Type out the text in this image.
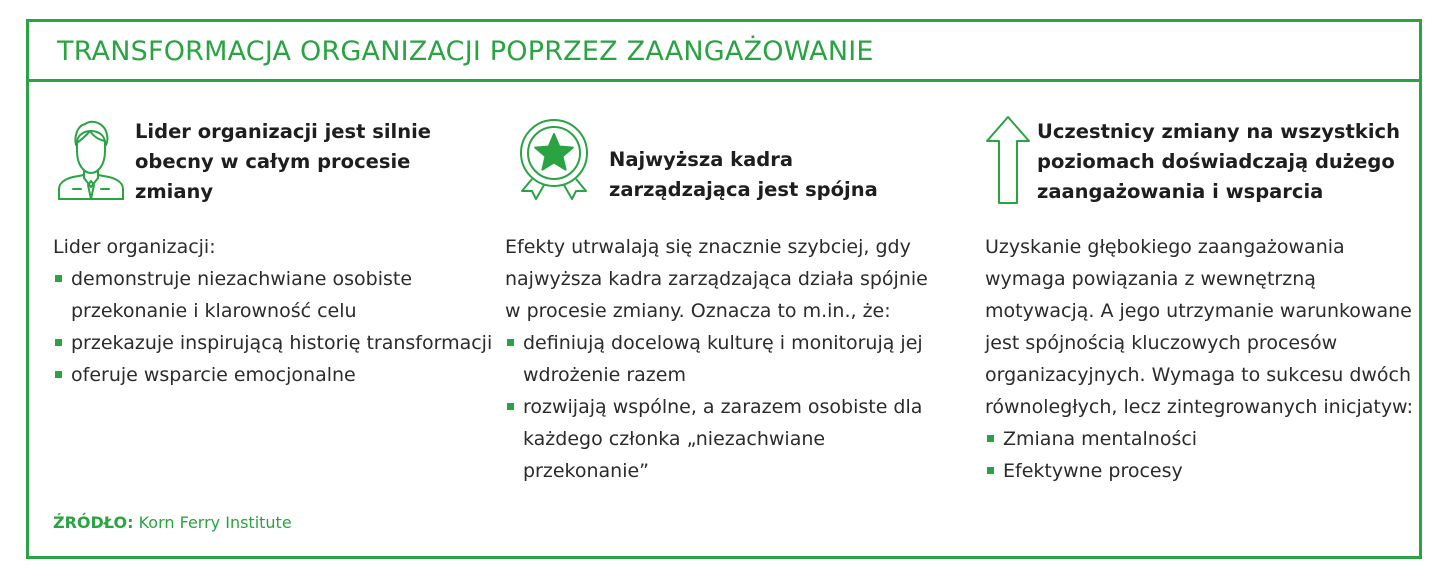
TRANSFORMACJA ORGANIZACJI POPRZEZ ZAANGAŻOWANIE
Lider organizacji jest silnie obecny w całym procesie zmiany

Lider organizacji:

demonstruje niezachwiane osobiste przekonanie i klarowność celu
przekazuje inspirującą historię transformacji
oferuje wsparcie emocjonalne
Najwyższa kadra zarządzająca jest spójna

Efekty utrwalają się znacznie szybciej, gdy najwyższa kadra zarządzająca działa spójnie w procesie zmiany. Oznacza to m.in., że:

definiują docelową kulturę i monitorują jej wdrożenie razem
rozwijają wspólne, a zarazem osobiste dla każdego członka „niezachwiane przekonanie”
Uczestnicy zmiany na wszystkich poziomach doświadczają dużego zaangażowania i wsparcia

Uzyskanie głębokiego zaangażowania wymaga powiązania z wewnętrzną motywacją. A jego utrzymanie warunkowane jest spójnością kluczowych procesów organizacyjnych. Wymaga to sukcesu dwóch równoległych, lecz zintegrowanych inicjatyw:

Zmiana mentalności
Efektywne procesy
ŹRÓDŁO: Korn Ferry Institute
